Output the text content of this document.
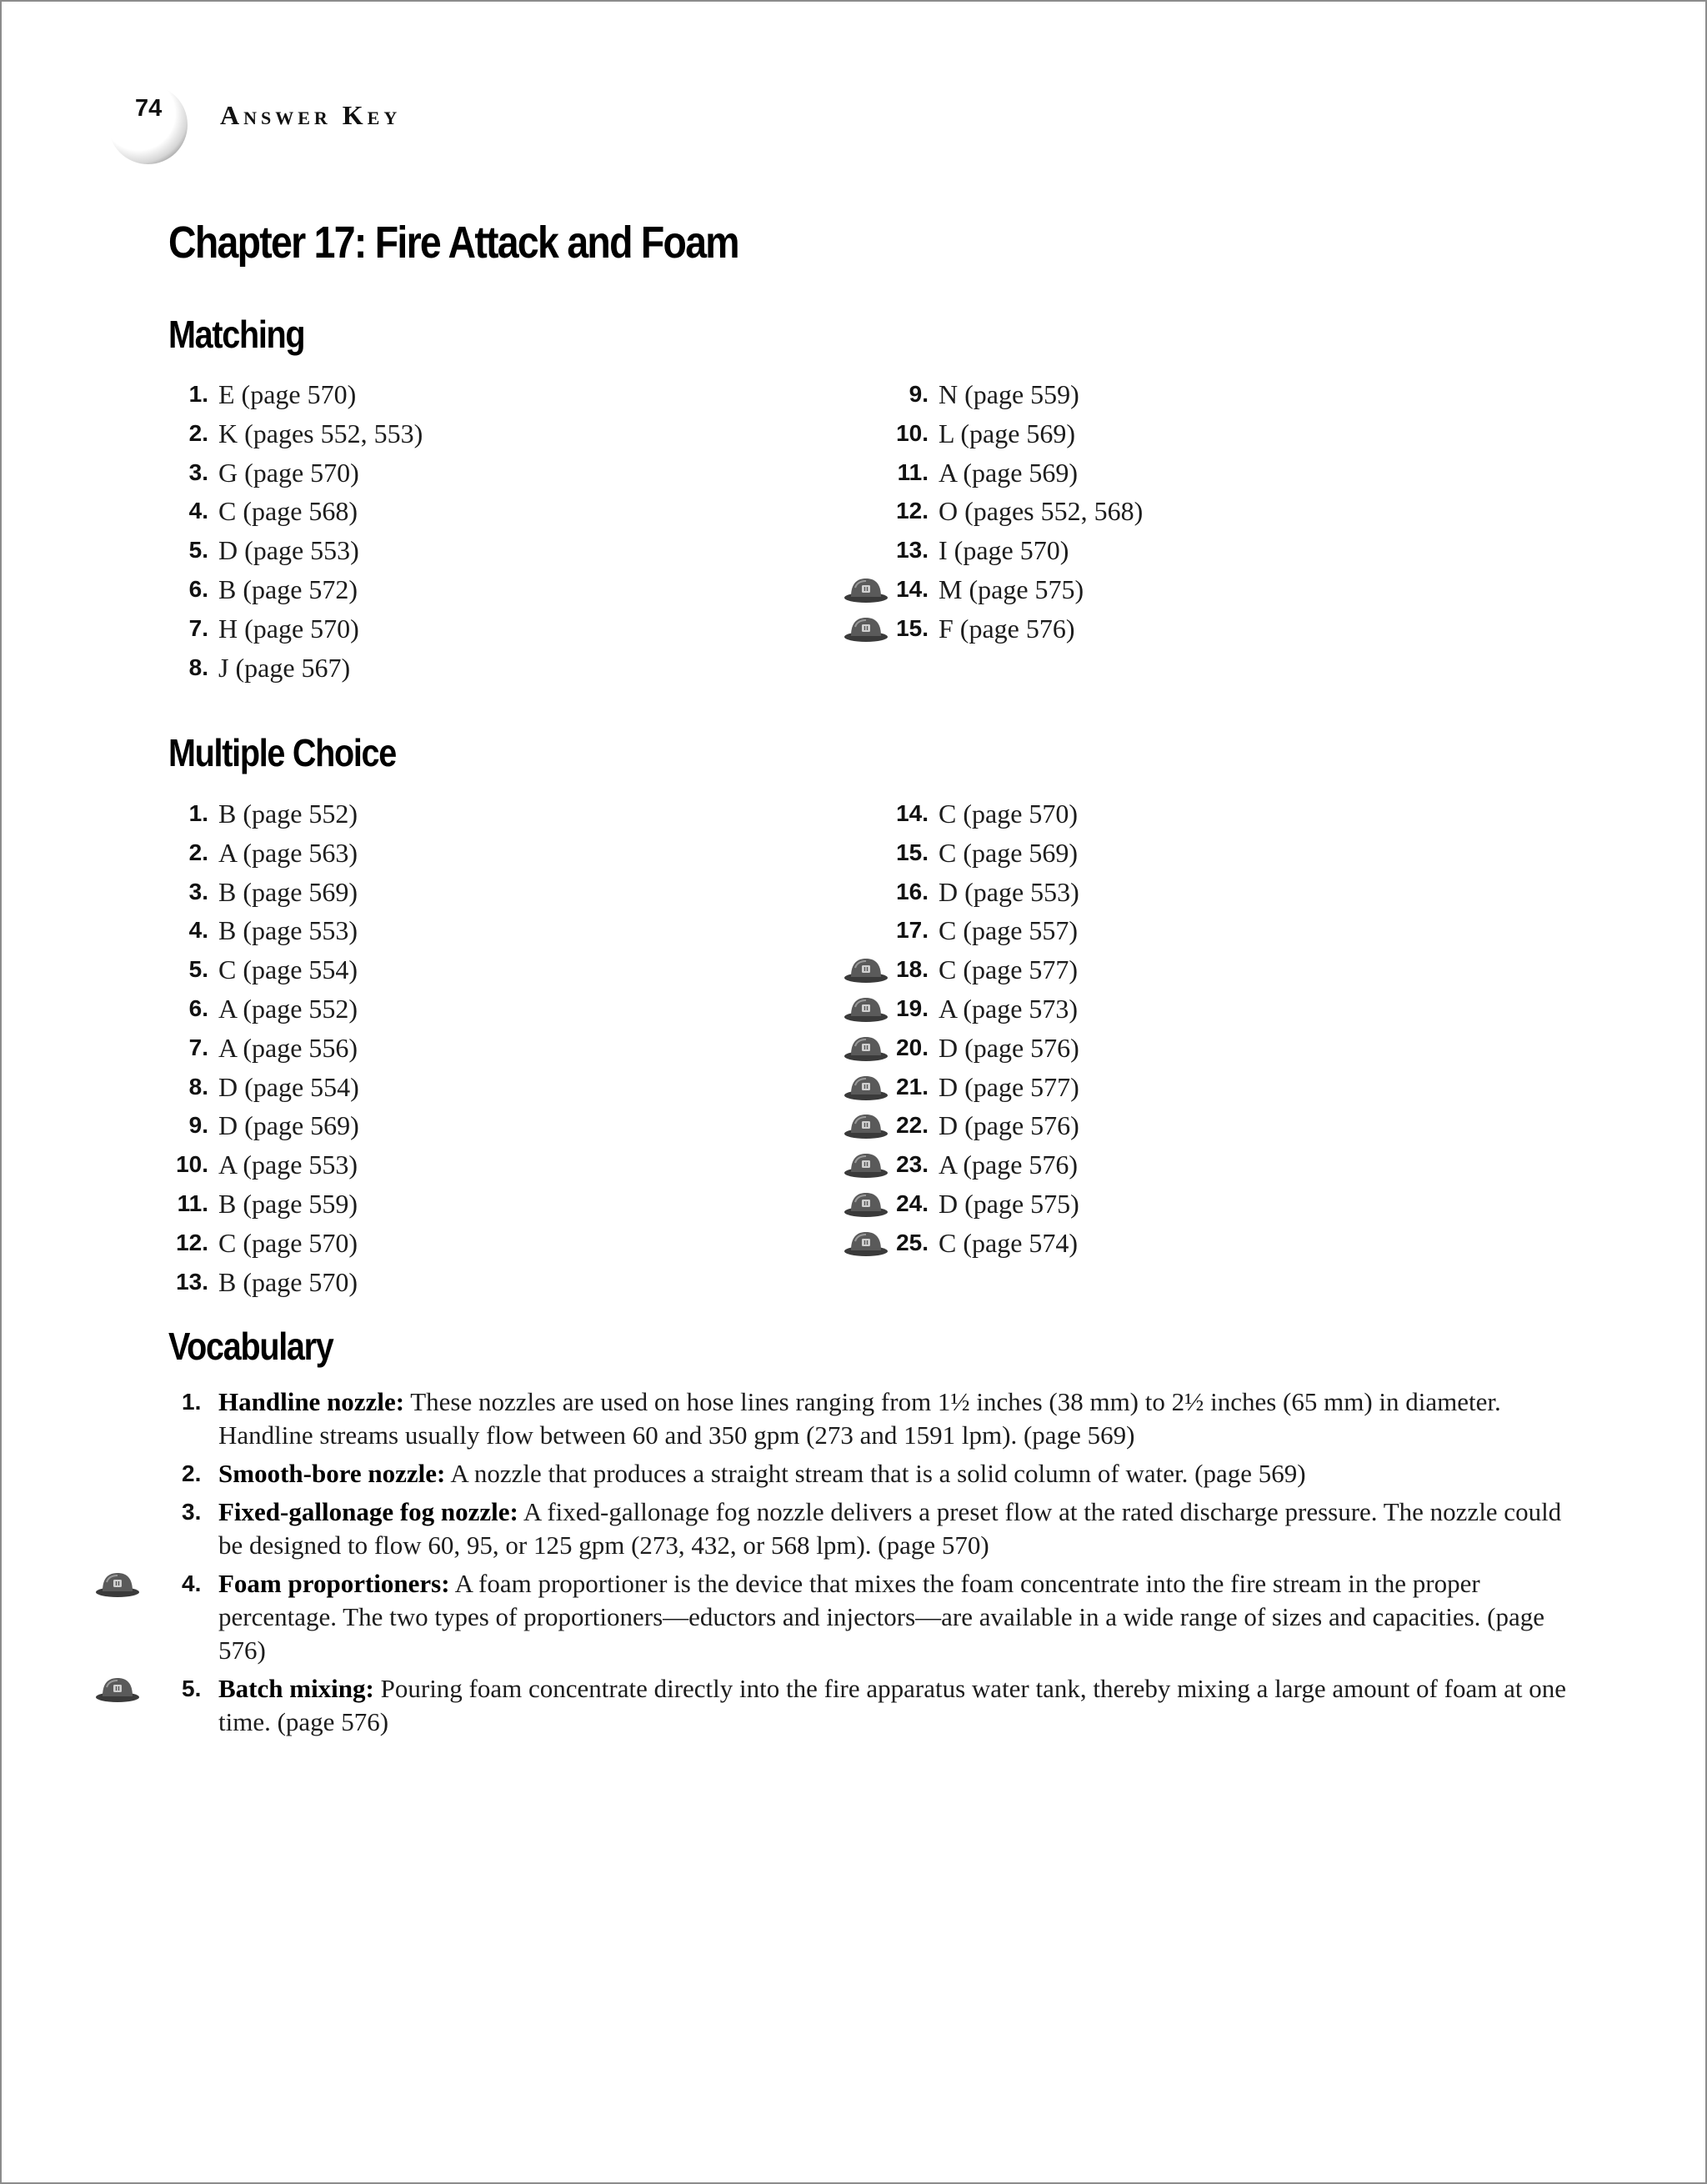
74 Answer Key
Chapter 17: Fire Attack and Foam
Matching
1. E (page 570)
2. K (pages 552, 553)
3. G (page 570)
4. C (page 568)
5. D (page 553)
6. B (page 572)
7. H (page 570)
8. J (page 567)
9. N (page 559)
10. L (page 569)
11. A (page 569)
12. O (pages 552, 568)
13. I (page 570)
14. M (page 575)
15. F (page 576)
Multiple Choice
1. B (page 552)
2. A (page 563)
3. B (page 569)
4. B (page 553)
5. C (page 554)
6. A (page 552)
7. A (page 556)
8. D (page 554)
9. D (page 569)
10. A (page 553)
11. B (page 559)
12. C (page 570)
13. B (page 570)
14. C (page 570)
15. C (page 569)
16. D (page 553)
17. C (page 557)
18. C (page 577)
19. A (page 573)
20. D (page 576)
21. D (page 577)
22. D (page 576)
23. A (page 576)
24. D (page 575)
25. C (page 574)
Vocabulary
1. Handline nozzle: These nozzles are used on hose lines ranging from 1½ inches (38 mm) to 2½ inches (65 mm) in diameter. Handline streams usually flow between 60 and 350 gpm (273 and 1591 lpm). (page 569)
2. Smooth-bore nozzle: A nozzle that produces a straight stream that is a solid column of water. (page 569)
3. Fixed-gallonage fog nozzle: A fixed-gallonage fog nozzle delivers a preset flow at the rated discharge pressure. The nozzle could be designed to flow 60, 95, or 125 gpm (273, 432, or 568 lpm). (page 570)
4. Foam proportioners: A foam proportioner is the device that mixes the foam concentrate into the fire stream in the proper percentage. The two types of proportioners—eductors and injectors—are available in a wide range of sizes and capacities. (page 576)
5. Batch mixing: Pouring foam concentrate directly into the fire apparatus water tank, thereby mixing a large amount of foam at one time. (page 576)
